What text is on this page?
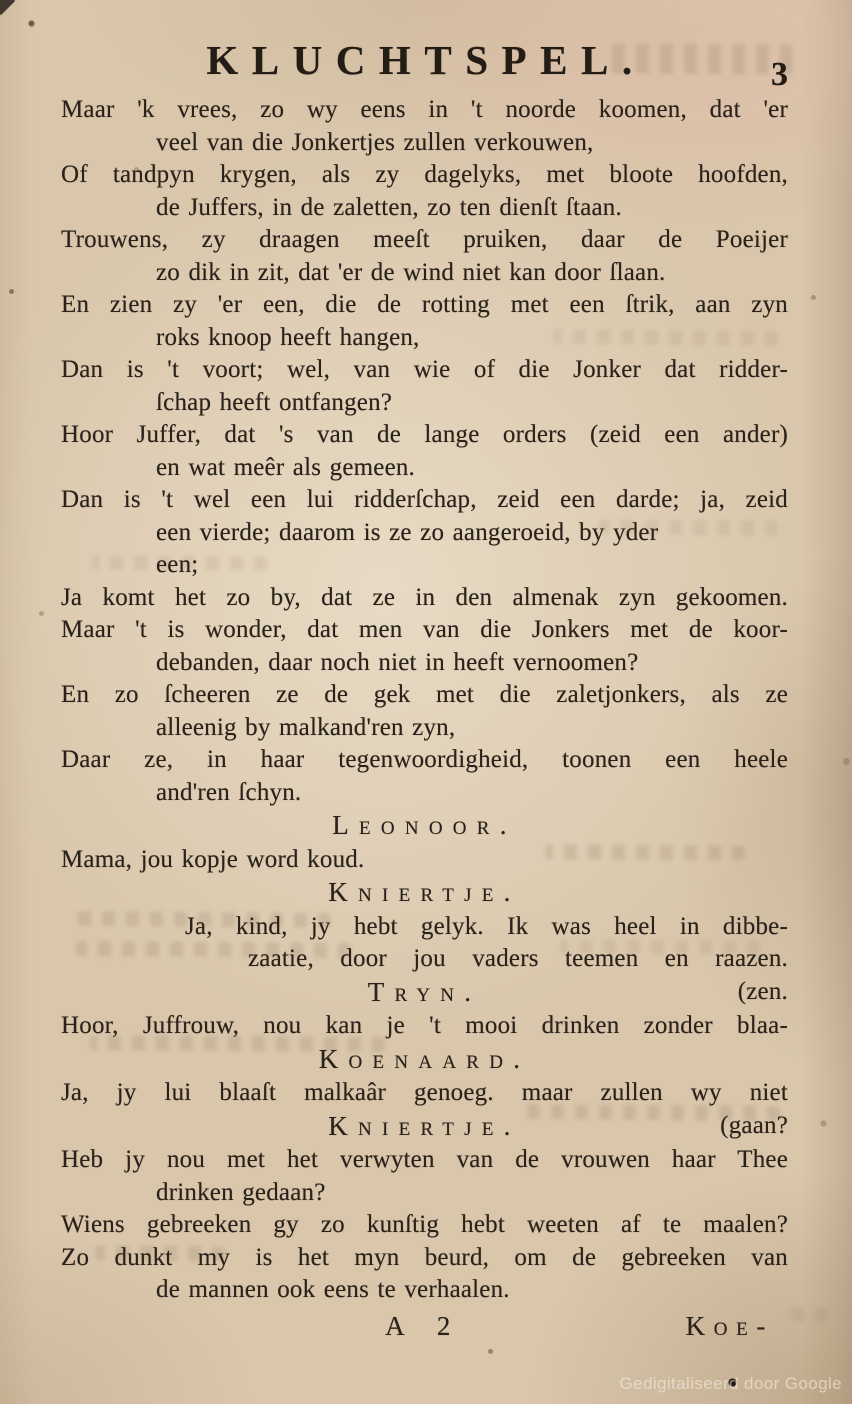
KLUCHTSPEL.	3
Maar 'k vrees, zo wy eens in 't noorde koomen, dat 'er
veel van die Jonkertjes zullen verkouwen,
Of tandpyn krygen, als zy dagelyks, met bloote hoofden,
de Juffers, in de zaletten, zo ten dienſt ſtaan.
Trouwens, zy draagen meeſt pruiken, daar de Poeijer
zo dik in zit, dat 'er de wind niet kan door ſlaan.
En zien zy 'er een, die de rotting met een ſtrik, aan zyn
roks knoop heeft hangen,
Dan is 't voort; wel, van wie of die Jonker dat ridder-
ſchap heeft ontfangen?
Hoor Juffer, dat 's van de lange orders (zeid een ander)
en wat meêr als gemeen.
Dan is 't wel een lui ridderſchap, zeid een darde; ja, zeid
een vierde; daarom is ze zo aangeroeid, by yder
een;
Ja komt het zo by, dat ze in den almenak zyn gekoomen.
Maar 't is wonder, dat men van die Jonkers met de koor-
debanden, daar noch niet in heeft vernoomen?
En zo ſcheeren ze de gek met die zaletjonkers, als ze
alleenig by malkand'ren zyn,
Daar ze, in haar tegenwoordigheid, toonen een heele
and'ren ſchyn.
Leonoor.
Mama, jou kopje word koud.
Kniertje.
Ja, kind, jy hebt gelyk. Ik was heel in dibbe-
zaatie, door jou vaders teemen en raazen.
Tryn.	(zen.
Hoor, Juffrouw, nou kan je 't mooi drinken zonder blaa-
Koenaard.
Ja, jy lui blaaſt malkaâr genoeg. maar zullen wy niet
Kniertje.	(gaan?
Heb jy nou met het verwyten van de vrouwen haar Thee
drinken gedaan?
Wiens gebreeken gy zo kunſtig hebt weeten af te maalen?
Zo dunkt my is het myn beurd, om de gebreeken van
de mannen ook eens te verhaalen.
A 2	Koe-
Gedigitaliseerd door Google
